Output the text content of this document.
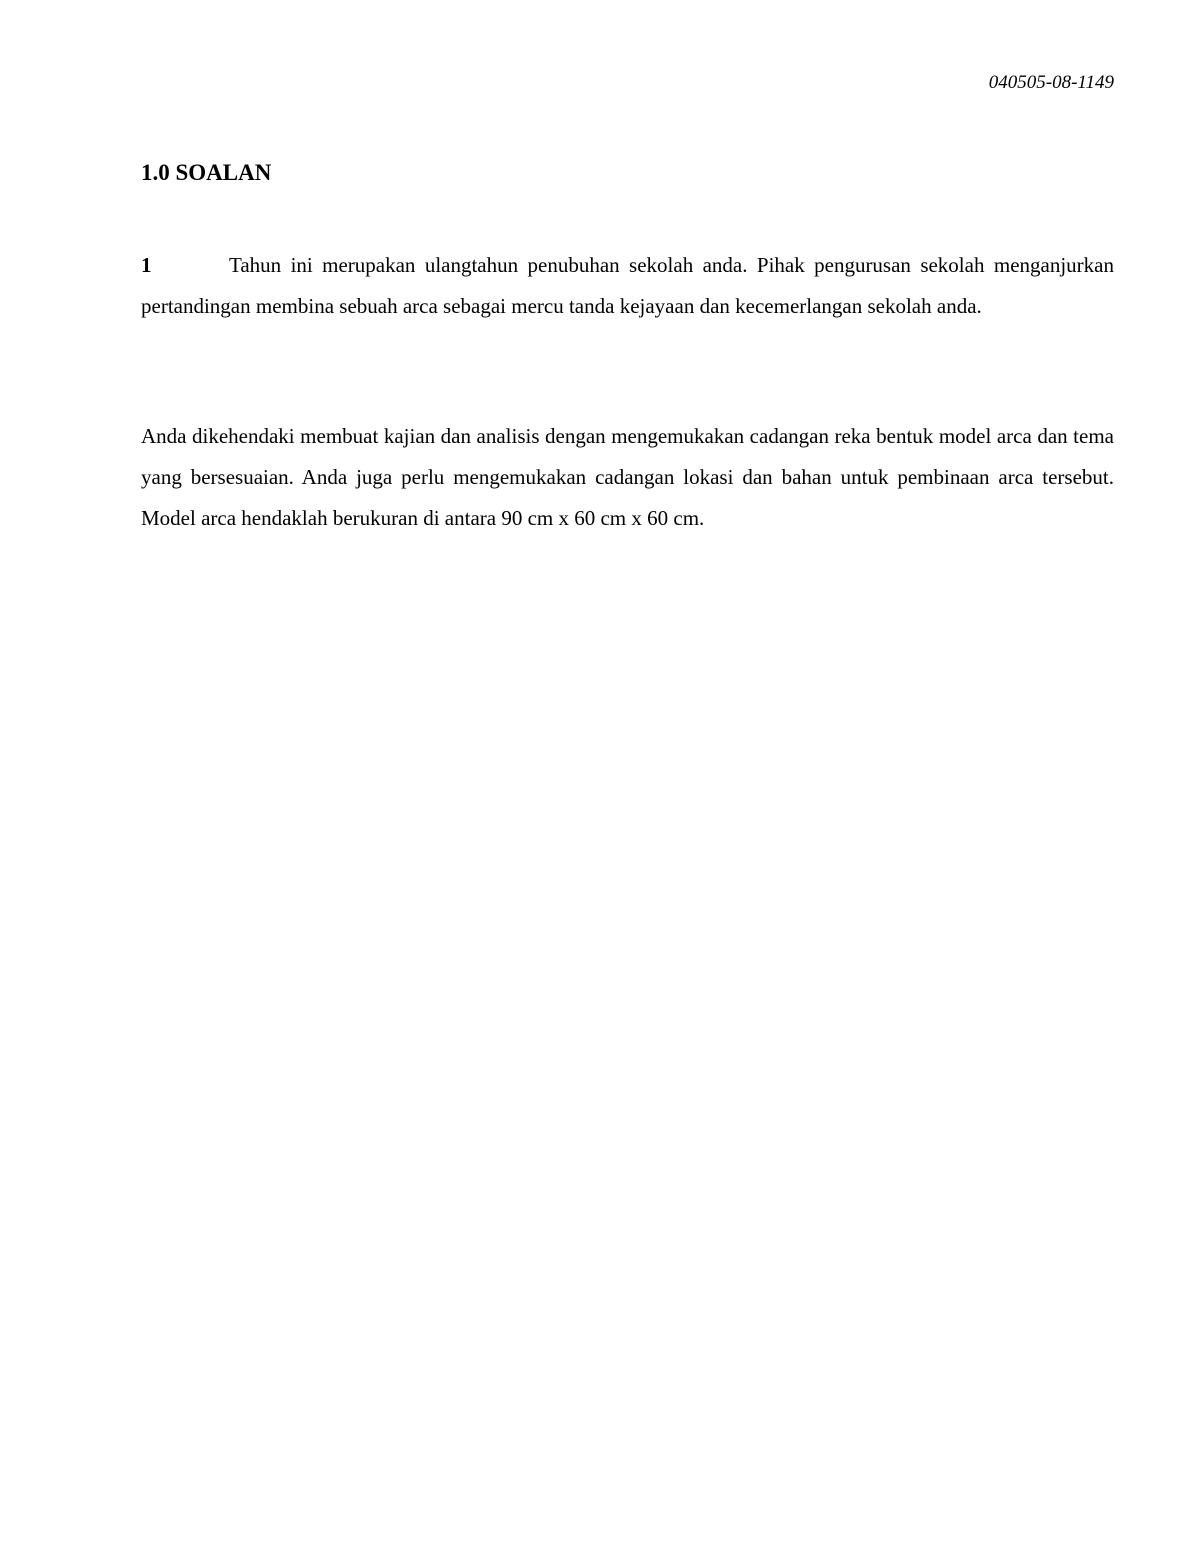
040505-08-1149
1.0 SOALAN

1	Tahun ini merupakan ulangtahun penubuhan sekolah anda. Pihak pengurusan sekolah menganjurkan pertandingan membina sebuah arca sebagai mercu tanda kejayaan dan kecemerlangan sekolah anda.

Anda dikehendaki membuat kajian dan analisis dengan mengemukakan cadangan reka bentuk model arca dan tema yang bersesuaian. Anda juga perlu mengemukakan cadangan lokasi dan bahan untuk pembinaan arca tersebut. Model arca hendaklah berukuran di antara 90 cm x 60 cm x 60 cm.
